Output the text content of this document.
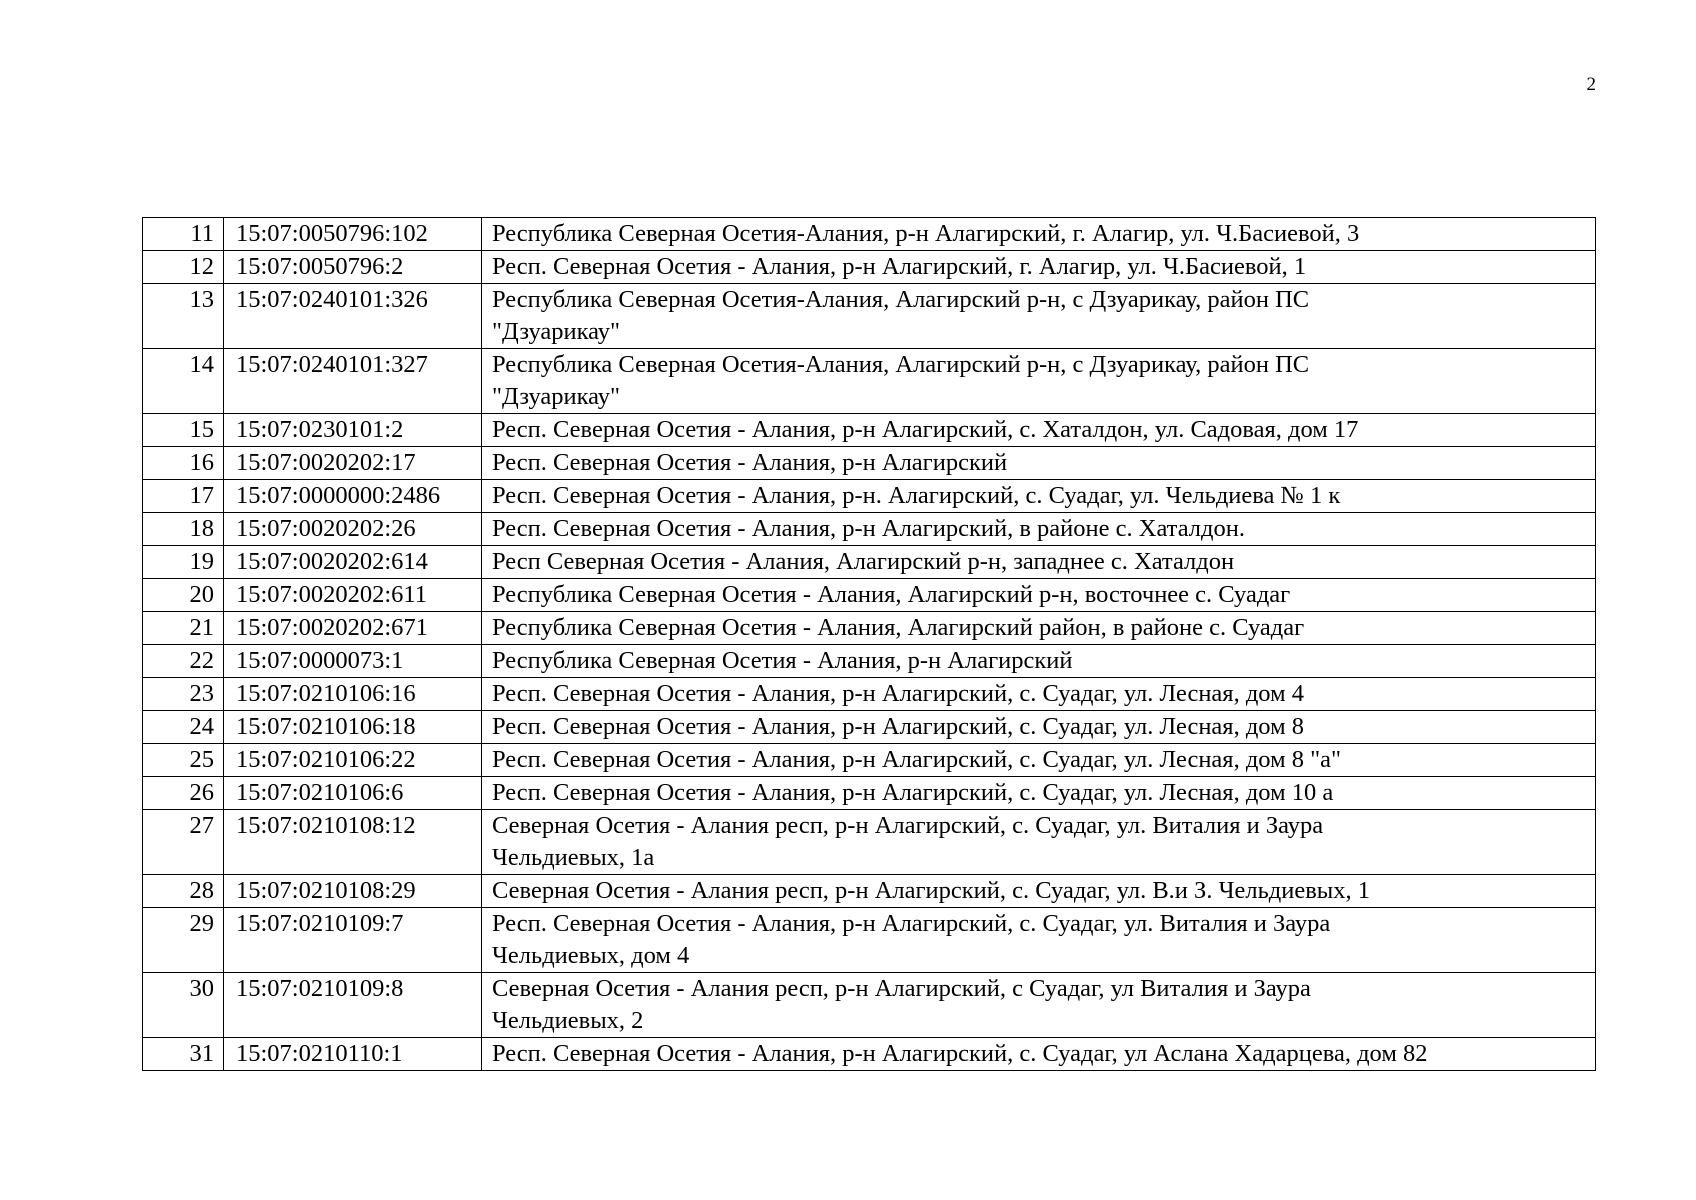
2
11	15:07:0050796:102	Республика Северная Осетия-Алания, р-н Алагирский, г. Алагир, ул. Ч.Басиевой, 3
12	15:07:0050796:2	Респ. Северная Осетия - Алания, р-н Алагирский, г. Алагир, ул. Ч.Басиевой, 1
13	15:07:0240101:326	Республика Северная Осетия-Алания, Алагирский р-н, с Дзуарикау, район ПС
"Дзуарикау"
14	15:07:0240101:327	Республика Северная Осетия-Алания, Алагирский р-н, с Дзуарикау, район ПС
"Дзуарикау"
15	15:07:0230101:2	Респ. Северная Осетия - Алания, р-н Алагирский, с. Хаталдон, ул. Садовая, дом 17
16	15:07:0020202:17	Респ. Северная Осетия - Алания, р-н Алагирский
17	15:07:0000000:2486	Респ. Северная Осетия - Алания, р-н. Алагирский, с. Суадаг, ул. Чельдиева № 1 к
18	15:07:0020202:26	Респ. Северная Осетия - Алания, р-н Алагирский, в районе с. Хаталдон.
19	15:07:0020202:614	Респ Северная Осетия - Алания, Алагирский р-н, западнее с. Хаталдон
20	15:07:0020202:611	Республика Северная Осетия - Алания, Алагирский р-н, восточнее с. Суадаг
21	15:07:0020202:671	Республика Северная Осетия - Алания, Алагирский район, в районе с. Суадаг
22	15:07:0000073:1	Республика Северная Осетия - Алания, р-н Алагирский
23	15:07:0210106:16	Респ. Северная Осетия - Алания, р-н Алагирский, с. Суадаг, ул. Лесная, дом 4
24	15:07:0210106:18	Респ. Северная Осетия - Алания, р-н Алагирский, с. Суадаг, ул. Лесная, дом 8
25	15:07:0210106:22	Респ. Северная Осетия - Алания, р-н Алагирский, с. Суадаг, ул. Лесная, дом 8 "а"
26	15:07:0210106:6	Респ. Северная Осетия - Алания, р-н Алагирский, с. Суадаг, ул. Лесная, дом 10 а
27	15:07:0210108:12	Северная Осетия - Алания респ, р-н Алагирский, с. Суадаг, ул. Виталия и Заура
Чельдиевых, 1а
28	15:07:0210108:29	Северная Осетия - Алания респ, р-н Алагирский, с. Суадаг, ул. В.и З. Чельдиевых, 1
29	15:07:0210109:7	Респ. Северная Осетия - Алания, р-н Алагирский, с. Суадаг, ул. Виталия и Заура
Чельдиевых, дом 4
30	15:07:0210109:8	Северная Осетия - Алания респ, р-н Алагирский, с Суадаг, ул Виталия и Заура
Чельдиевых, 2
31	15:07:0210110:1	Респ. Северная Осетия - Алания, р-н Алагирский, с. Суадаг, ул Аслана Хадарцева, дом 82
